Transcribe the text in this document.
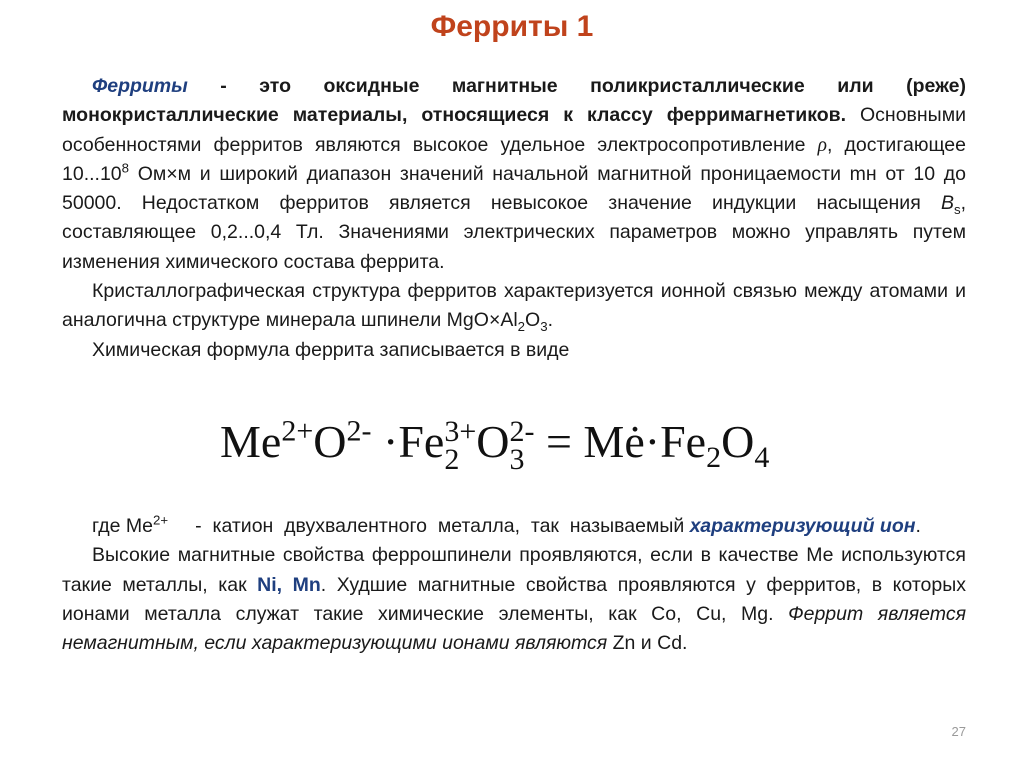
Ферриты 1

Ферриты - это оксидные магнитные поликристаллические или (реже) монокристаллические материалы, относящиеся к классу ферримагнетиков. Основными особенностями ферритов являются высокое удельное электросопротивление ρ, достигающее 10...10$^8$ Ом×м и широкий диапазон значений начальной магнитной проницаемости mн от 10 до 50000. Недостатком ферритов является невысокое значение индукции насыщения $B_s$, составляющее 0,2...0,4 Тл. Значениями электрических параметров можно управлять путем изменения химического состава феррита.

Кристаллографическая структура ферритов характеризуется ионной связью между атомами и аналогична структуре минерала шпинели $MgO\times Al_2O_3$.

Химическая формула феррита записывается в виде

$Me^{2+}O^{2-} \cdot Fe$ 3+
2 O 2-
$3 = Mė\cdot Fe_2O_4$

где $Me^{2+}$     -  катион  двухвалентного  металла,  так  называемый характеризующий ион.

Высокие магнитные свойства феррошпинели проявляются, если в качестве Ме используются такие металлы, как Ni, Mn. Худшие магнитные свойства проявляются у ферритов, в которых ионами металла служат такие химические элементы, как Co, Cu, Mg. Феррит является немагнитным, если характеризующими ионами являются Zn и Cd.

27
